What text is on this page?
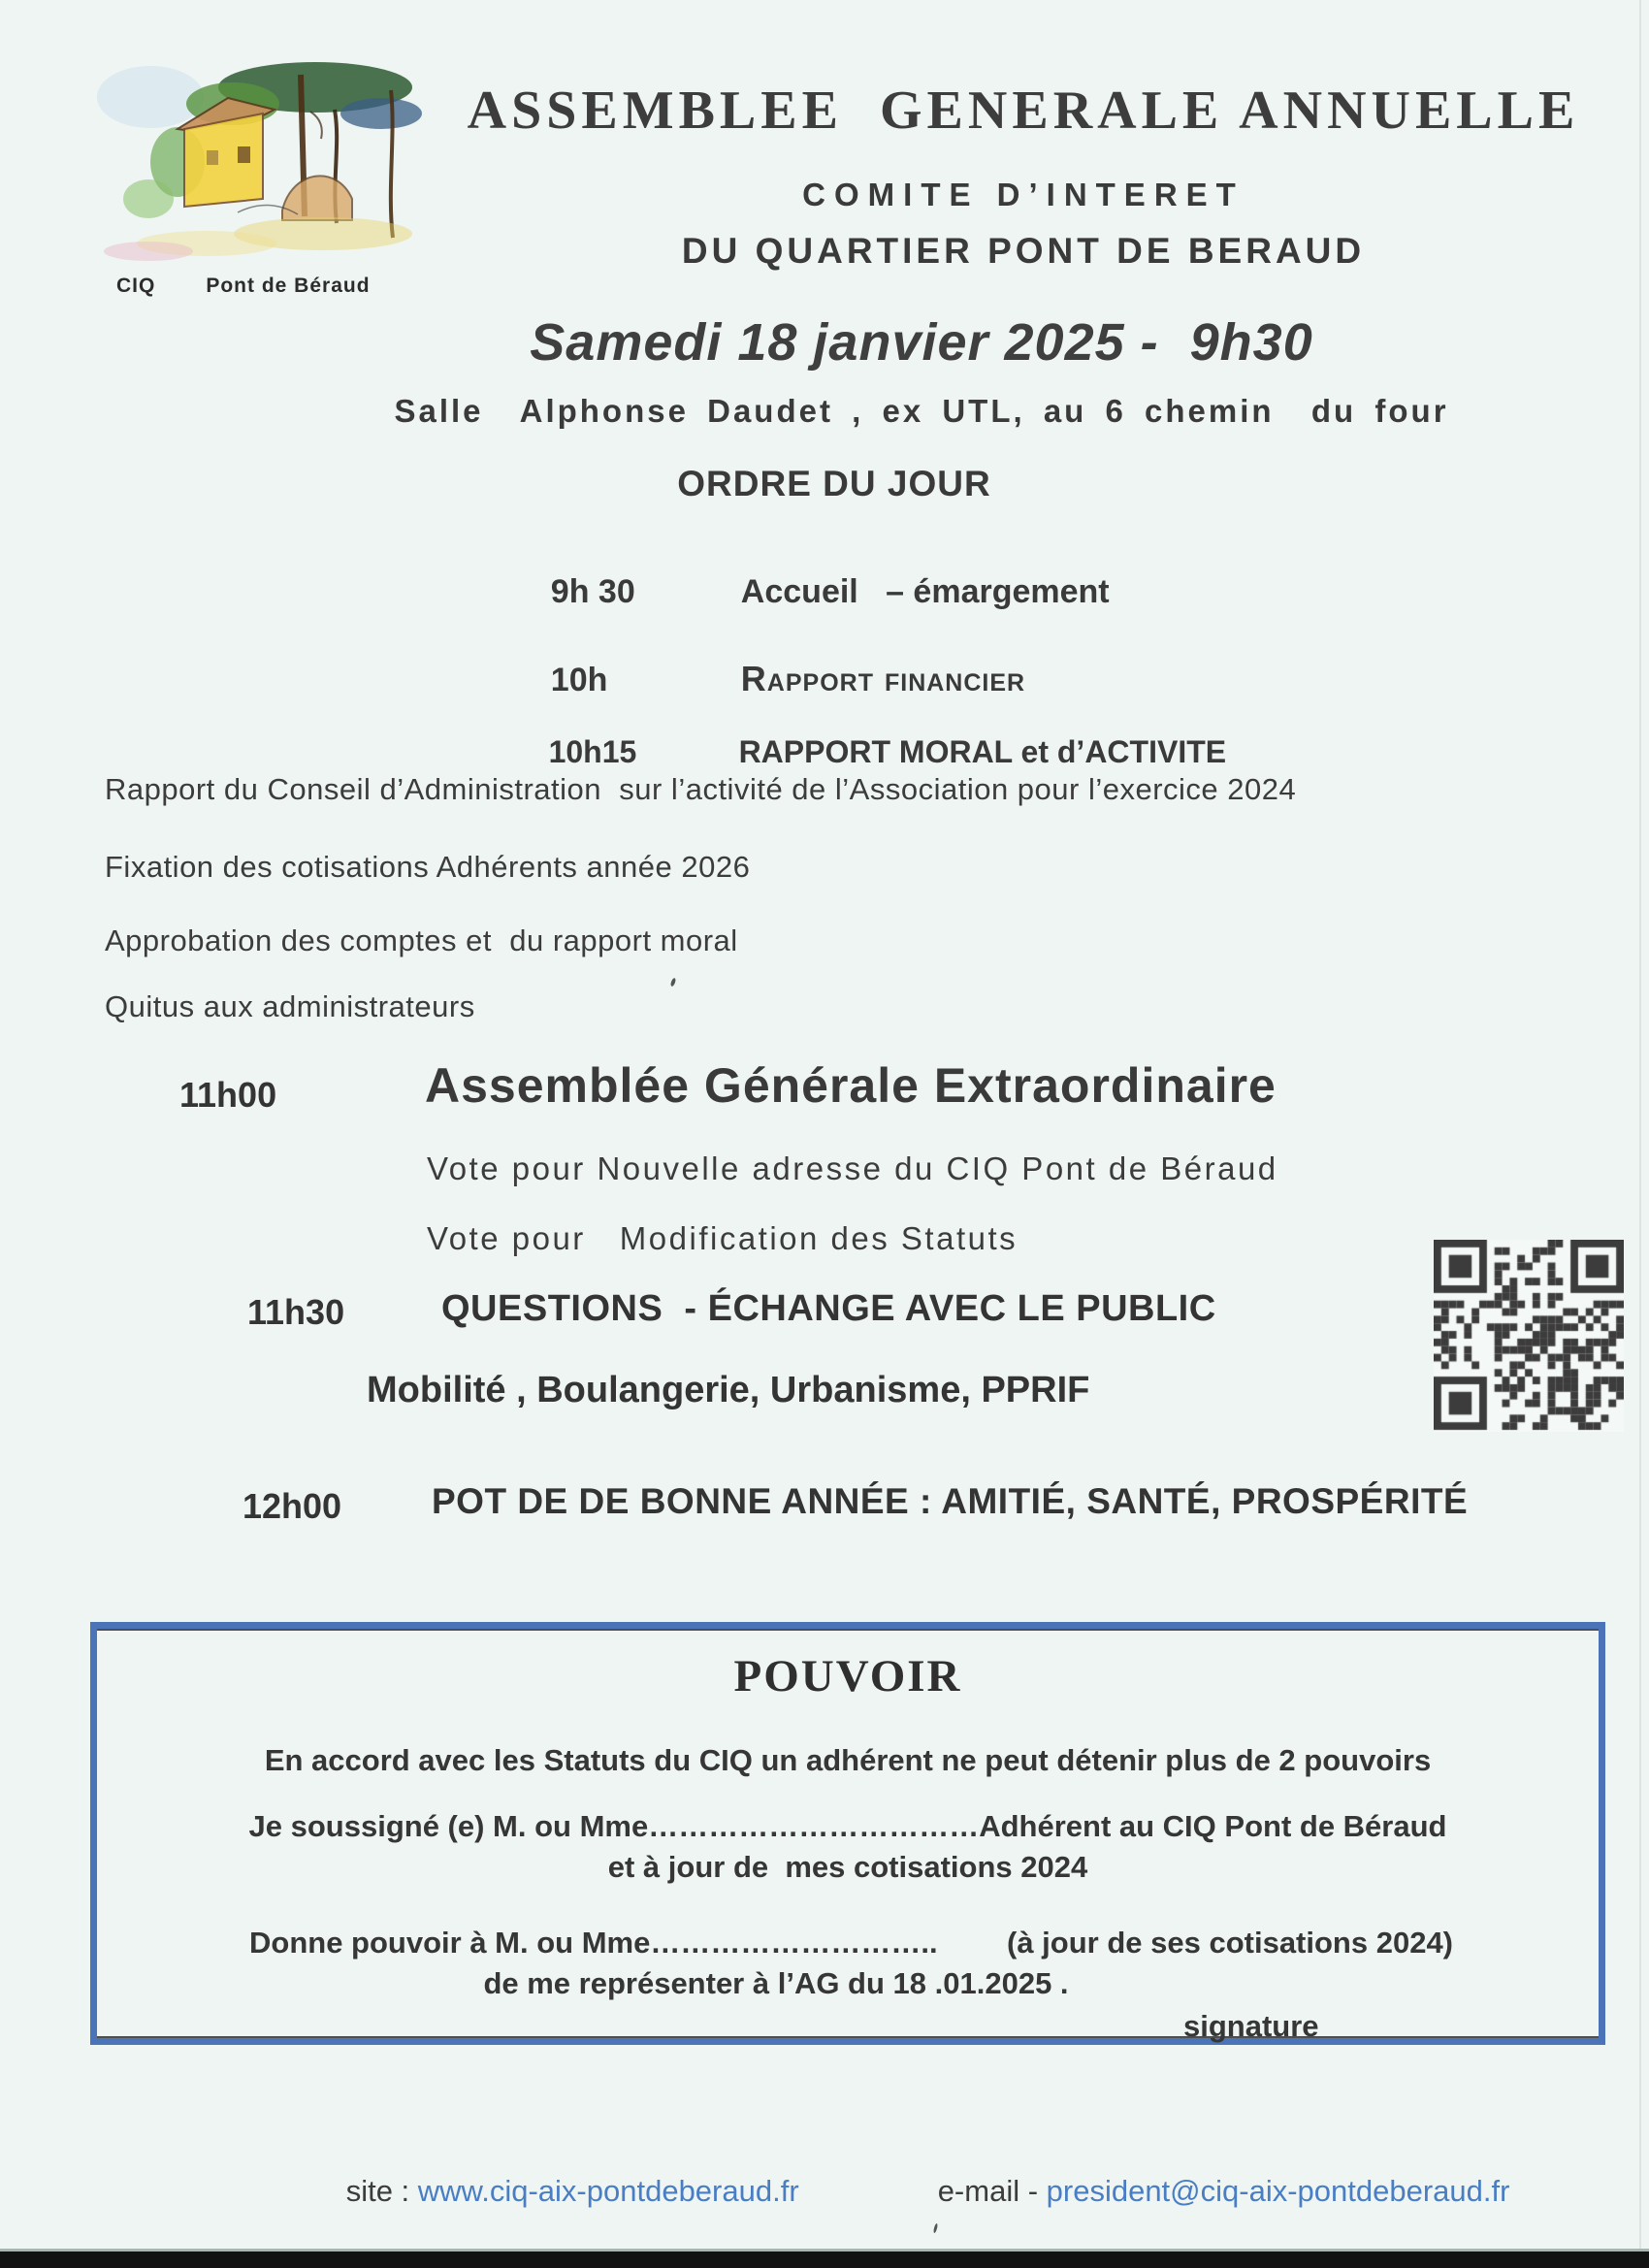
CIQ Pont de Béraud
ASSEMBLEE  GENERALE ANNUELLE
COMITE D’INTERET
DU QUARTIER PONT DE BERAUD
Samedi 18 janvier 2025 -  9h30
Salle  Alphonse Daudet , ex UTL, au 6 chemin  du four
ORDRE DU JOUR

9h 30	Accueil   – émargement

10h	Rapport financier

10h15	RAPPORT MORAL et d’ACTIVITE

Rapport du Conseil d’Administration  sur l’activité de l’Association pour l’exercice 2024
Fixation des cotisations Adhérents année 2026
Approbation des comptes et  du rapport moral
Quitus aux administrateurs
11h00	Assemblée Générale Extraordinaire
Vote pour Nouvelle adresse du CIQ Pont de Béraud
Vote pour   Modification des Statuts
11h30	QUESTIONS  - ÉCHANGE AVEC LE PUBLIC
Mobilité , Boulangerie, Urbanisme, PPRIF
12h00	POT DE DE BONNE ANNÉE : AMITIÉ, SANTÉ, PROSPÉRITÉ
POUVOIR
En accord avec les Statuts du CIQ un adhérent ne peut détenir plus de 2 pouvoirs
Je soussigné (e) M. ou Mme……………………………Adhérent au CIQ Pont de Béraud
et à jour de  mes cotisations 2024
Donne pouvoir à M. ou Mme……………………….. (à jour de ses cotisations 2024)
de me représenter à l’AG du 18 .01.2025 .
signature

site : www.ciq-aix-pontdeberaud.fr
	e-mail - president@ciq-aix-pontdeberaud.fr
